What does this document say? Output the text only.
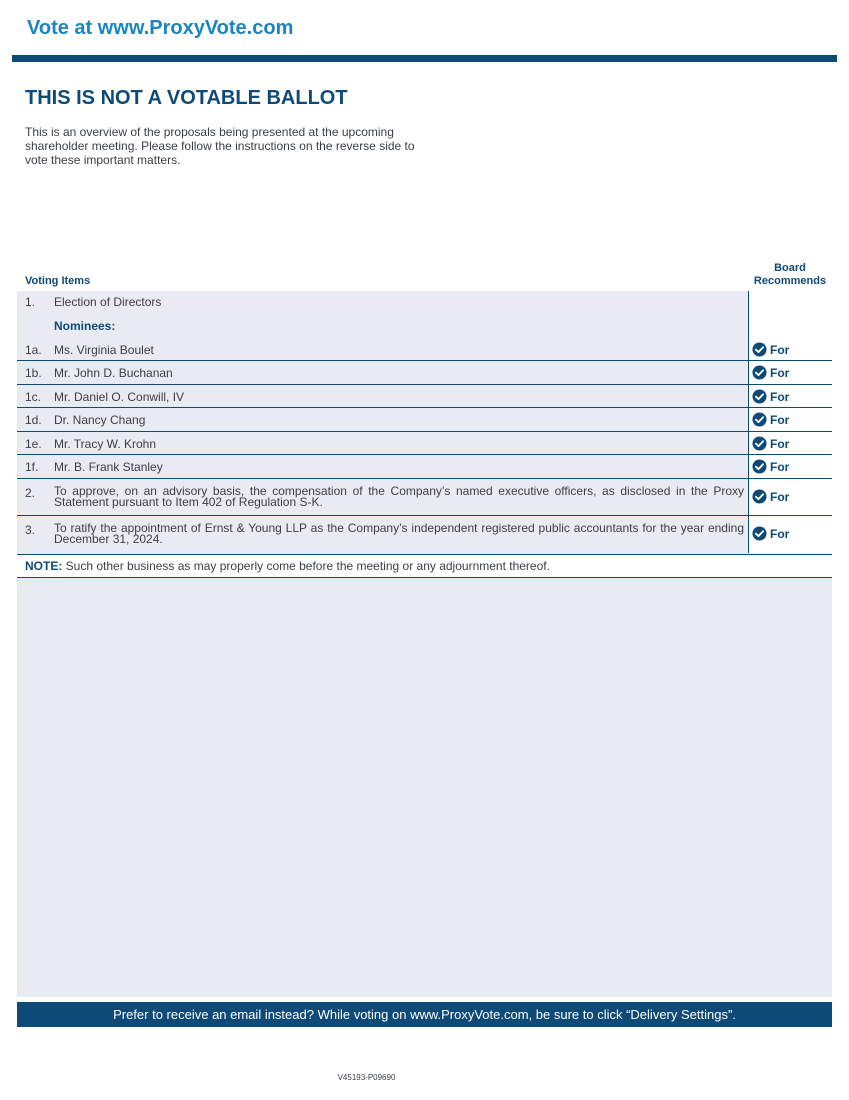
Vote at www.ProxyVote.com
THIS IS NOT A VOTABLE BALLOT
This is an overview of the proposals being presented at the upcoming shareholder meeting. Please follow the instructions on the reverse side to vote these important matters.
Voting Items
Board Recommends
1. Election of Directors
Nominees:
1a. Ms. Virginia Boulet	For
1b. Mr. John D. Buchanan	For
1c. Mr. Daniel O. Conwill, IV	For
1d. Dr. Nancy Chang	For
1e. Mr. Tracy W. Krohn	For
1f. Mr. B. Frank Stanley	For
2. To approve, on an advisory basis, the compensation of the Company’s named executive officers, as disclosed in the Proxy Statement pursuant to Item 402 of Regulation S-K.	For
3. To ratify the appointment of Ernst & Young LLP as the Company’s independent registered public accountants for the year ending December 31, 2024.	For
NOTE: Such other business as may properly come before the meeting or any adjournment thereof.
Prefer to receive an email instead? While voting on www.ProxyVote.com, be sure to click “Delivery Settings”.
V45193-P09690
